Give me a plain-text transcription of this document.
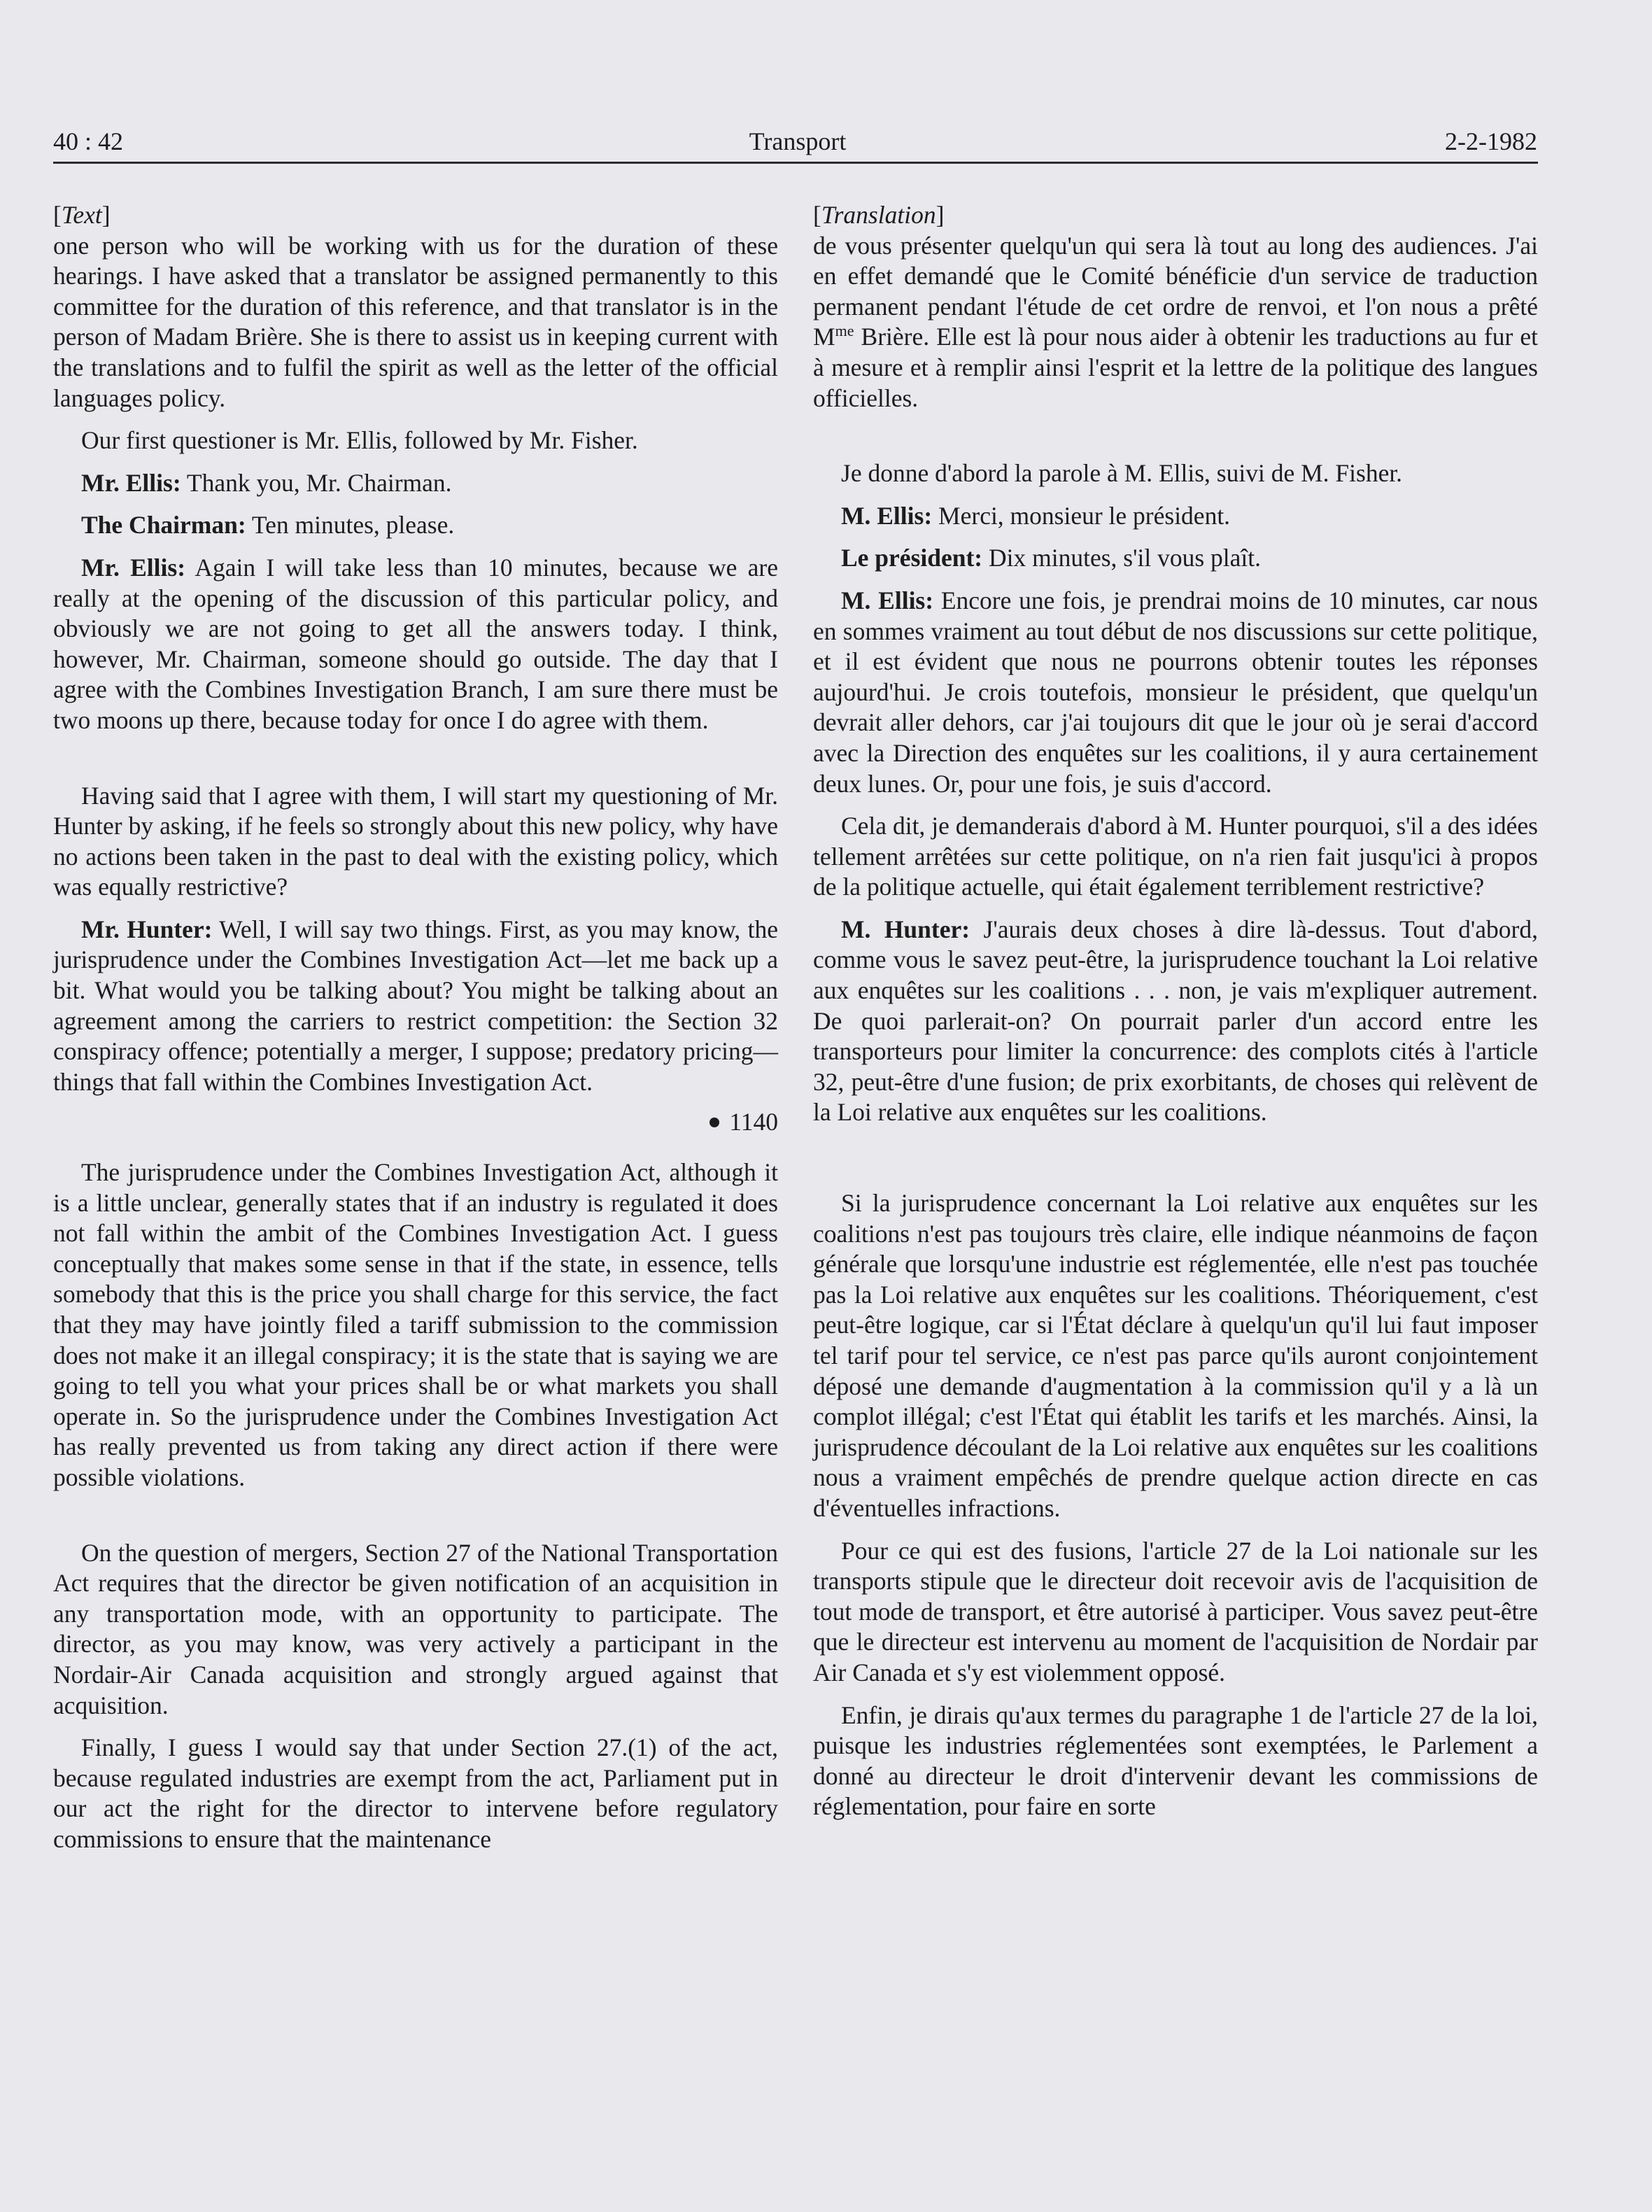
40 : 42	Transport	2-2-1982

[Text]

one person who will be working with us for the duration of these hearings. I have asked that a translator be assigned permanently to this committee for the duration of this reference, and that translator is in the person of Madam Brière. She is there to assist us in keeping current with the translations and to fulfil the spirit as well as the letter of the official languages policy.

Our first questioner is Mr. Ellis, followed by Mr. Fisher.

Mr. Ellis: Thank you, Mr. Chairman.

The Chairman: Ten minutes, please.

Mr. Ellis: Again I will take less than 10 minutes, because we are really at the opening of the discussion of this particular policy, and obviously we are not going to get all the answers today. I think, however, Mr. Chairman, someone should go outside. The day that I agree with the Combines Investigation Branch, I am sure there must be two moons up there, because today for once I do agree with them.

Having said that I agree with them, I will start my questioning of Mr. Hunter by asking, if he feels so strongly about this new policy, why have no actions been taken in the past to deal with the existing policy, which was equally restrictive?

Mr. Hunter: Well, I will say two things. First, as you may know, the jurisprudence under the Combines Investigation Act—let me back up a bit. What would you be talking about? You might be talking about an agreement among the carriers to restrict competition: the Section 32 conspiracy offence; potentially a merger, I suppose; predatory pricing—things that fall within the Combines Investigation Act.

1140

The jurisprudence under the Combines Investigation Act, although it is a little unclear, generally states that if an industry is regulated it does not fall within the ambit of the Combines Investigation Act. I guess conceptually that makes some sense in that if the state, in essence, tells somebody that this is the price you shall charge for this service, the fact that they may have jointly filed a tariff submission to the commission does not make it an illegal conspiracy; it is the state that is saying we are going to tell you what your prices shall be or what markets you shall operate in. So the jurisprudence under the Combines Investigation Act has really prevented us from taking any direct action if there were possible violations.

On the question of mergers, Section 27 of the National Transportation Act requires that the director be given notification of an acquisition in any transportation mode, with an opportunity to participate. The director, as you may know, was very actively a participant in the Nordair-Air Canada acquisition and strongly argued against that acquisition.

Finally, I guess I would say that under Section 27.(1) of the act, because regulated industries are exempt from the act, Parliament put in our act the right for the director to intervene before regulatory commissions to ensure that the maintenance

[Translation]

de vous présenter quelqu'un qui sera là tout au long des audiences. J'ai en effet demandé que le Comité bénéficie d'un service de traduction permanent pendant l'étude de cet ordre de renvoi, et l'on nous a prêté $M^{me}$ Brière. Elle est là pour nous aider à obtenir les traductions au fur et à mesure et à remplir ainsi l'esprit et la lettre de la politique des langues officielles.

Je donne d'abord la parole à M. Ellis, suivi de M. Fisher.

M. Ellis: Merci, monsieur le président.

Le président: Dix minutes, s'il vous plaît.

M. Ellis: Encore une fois, je prendrai moins de 10 minutes, car nous en sommes vraiment au tout début de nos discussions sur cette politique, et il est évident que nous ne pourrons obtenir toutes les réponses aujourd'hui. Je crois toutefois, monsieur le président, que quelqu'un devrait aller dehors, car j'ai toujours dit que le jour où je serai d'accord avec la Direction des enquêtes sur les coalitions, il y aura certainement deux lunes. Or, pour une fois, je suis d'accord.

Cela dit, je demanderais d'abord à M. Hunter pourquoi, s'il a des idées tellement arrêtées sur cette politique, on n'a rien fait jusqu'ici à propos de la politique actuelle, qui était également terriblement restrictive?

M. Hunter: J'aurais deux choses à dire là-dessus. Tout d'abord, comme vous le savez peut-être, la jurisprudence touchant la Loi relative aux enquêtes sur les coalitions . . . non, je vais m'expliquer autrement. De quoi parlerait-on? On pourrait parler d'un accord entre les transporteurs pour limiter la concurrence: des complots cités à l'article 32, peut-être d'une fusion; de prix exorbitants, de choses qui relèvent de la Loi relative aux enquêtes sur les coalitions.

Si la jurisprudence concernant la Loi relative aux enquêtes sur les coalitions n'est pas toujours très claire, elle indique néanmoins de façon générale que lorsqu'une industrie est réglementée, elle n'est pas touchée pas la Loi relative aux enquêtes sur les coalitions. Théoriquement, c'est peut-être logique, car si l'État déclare à quelqu'un qu'il lui faut imposer tel tarif pour tel service, ce n'est pas parce qu'ils auront conjointement déposé une demande d'augmentation à la commission qu'il y a là un complot illégal; c'est l'État qui établit les tarifs et les marchés. Ainsi, la jurisprudence découlant de la Loi relative aux enquêtes sur les coalitions nous a vraiment empêchés de prendre quelque action directe en cas d'éventuelles infractions.

Pour ce qui est des fusions, l'article 27 de la Loi nationale sur les transports stipule que le directeur doit recevoir avis de l'acquisition de tout mode de transport, et être autorisé à participer. Vous savez peut-être que le directeur est intervenu au moment de l'acquisition de Nordair par Air Canada et s'y est violemment opposé.

Enfin, je dirais qu'aux termes du paragraphe 1 de l'article 27 de la loi, puisque les industries réglementées sont exemptées, le Parlement a donné au directeur le droit d'intervenir devant les commissions de réglementation, pour faire en sorte
